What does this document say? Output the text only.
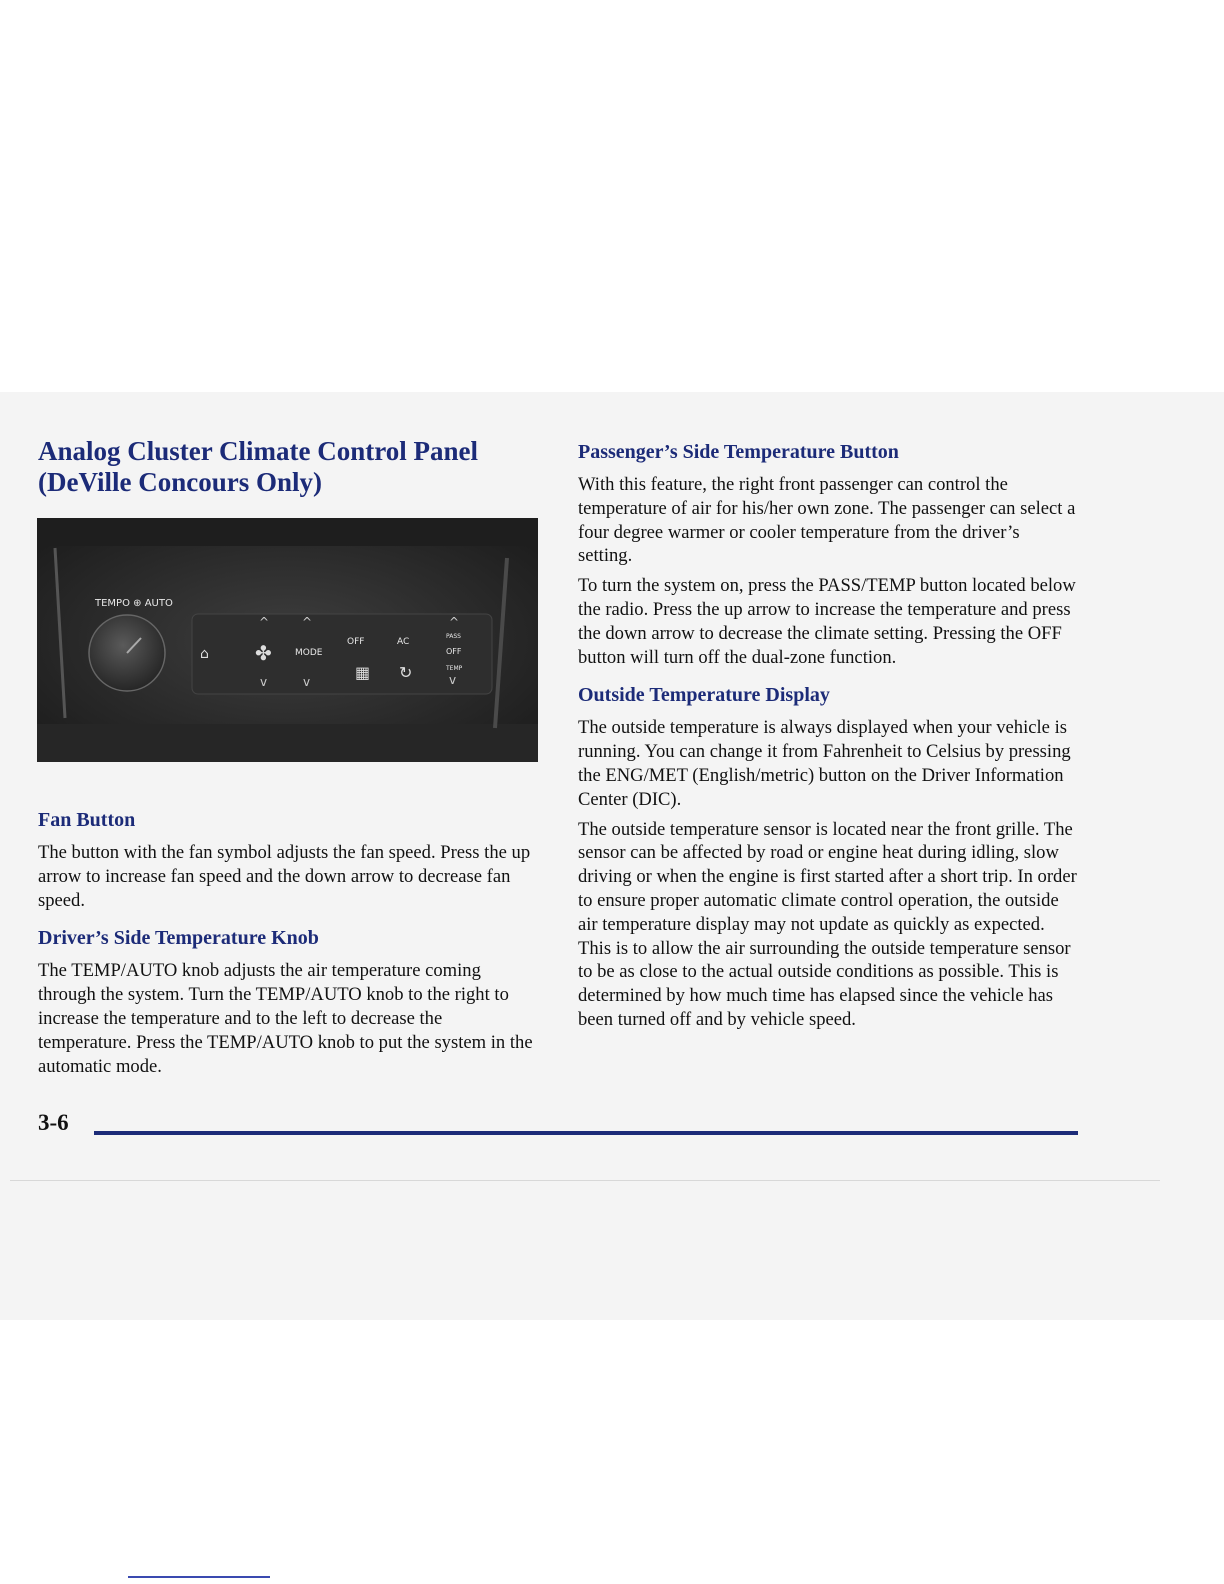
Analog Cluster Climate Control Panel
(DeVille Concours Only)
TEMPO ⊕ AUTO
⌂ ✤
^
v
MODE
^
v
OFF	AC
▦ ↻
^
PASS
OFF
TEMP
v
Fan Button

The button with the fan symbol adjusts the fan speed. Press the up arrow to increase fan speed and the down arrow to decrease fan speed.

Driver’s Side Temperature Knob

The TEMP/AUTO knob adjusts the air temperature coming through the system. Turn the TEMP/AUTO knob to the right to increase the temperature and to the left to decrease the temperature. Press the TEMP/AUTO knob to put the system in the automatic mode.

Passenger’s Side Temperature Button

With this feature, the right front passenger can control the temperature of air for his/her own zone. The passenger can select a four degree warmer or cooler temperature from the driver’s setting.

To turn the system on, press the PASS/TEMP button located below the radio. Press the up arrow to increase the temperature and press the down arrow to decrease the climate setting. Pressing the OFF button will turn off the dual-zone function.

Outside Temperature Display

The outside temperature is always displayed when your vehicle is running. You can change it from Fahrenheit to Celsius by pressing the ENG/MET (English/metric) button on the Driver Information Center (DIC).

The outside temperature sensor is located near the front grille. The sensor can be affected by road or engine heat during idling, slow driving or when the engine is first started after a short trip. In order to ensure proper automatic climate control operation, the outside air temperature display may not update as quickly as expected. This is to allow the air surrounding the outside temperature sensor to be as close to the actual outside conditions as possible. This is determined by how much time has elapsed since the vehicle has been turned off and by vehicle speed.

3-6
